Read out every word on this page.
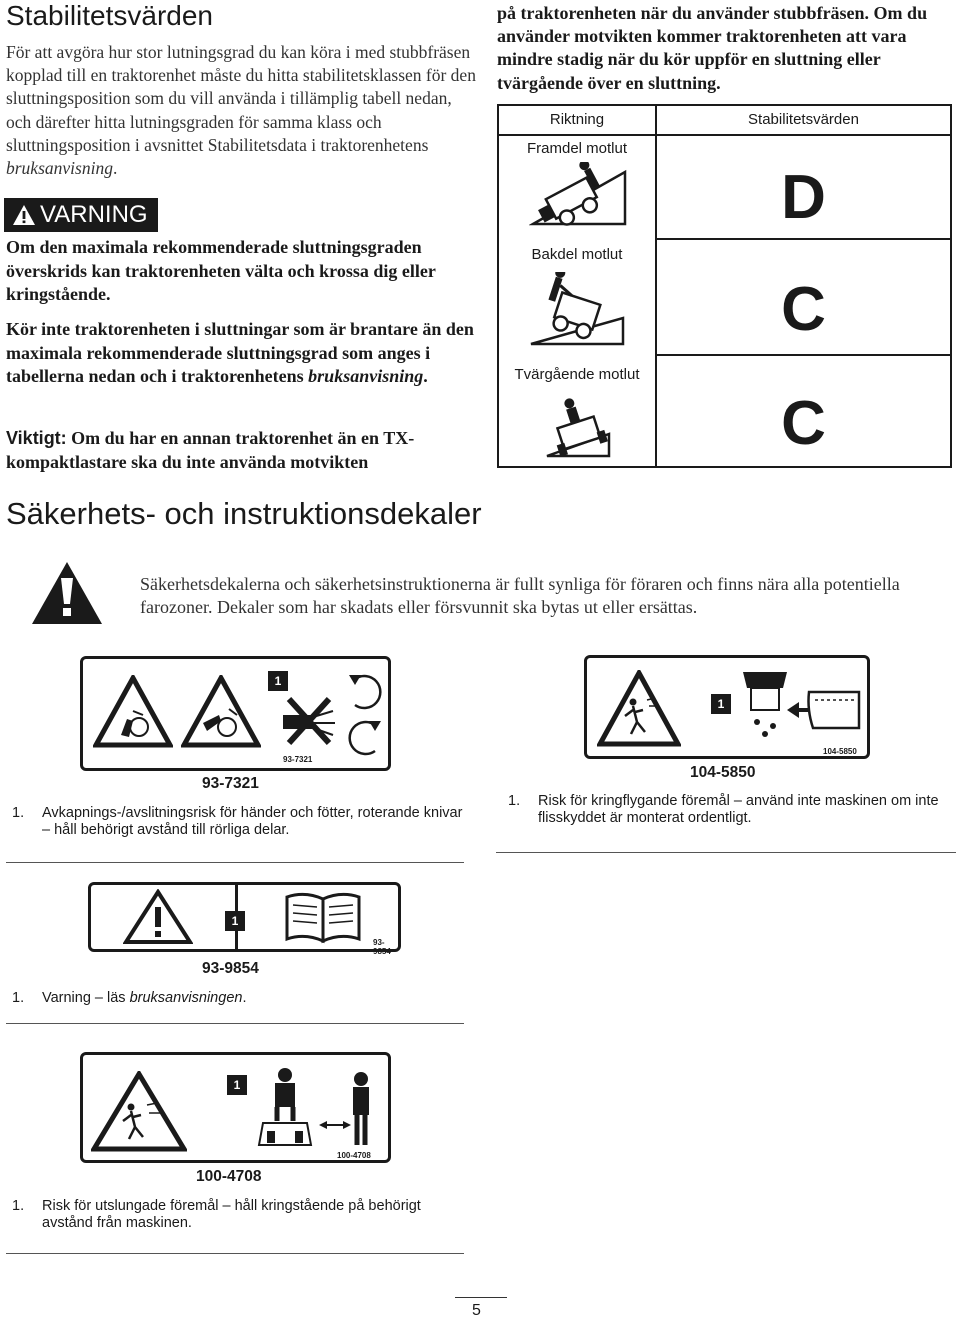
Stabilitetsvärden
För att avgöra hur stor lutningsgrad du kan köra i med stubbfräsen kopplad till en traktorenhet måste du hitta stabilitetsklassen för den sluttningsposition som du vill använda i tillämplig tabell nedan, och därefter hitta lutningsgraden för samma klass och sluttningsposition i avsnittet Stabilitetsdata i traktorenhetens bruksanvisning.
VARNING
Om den maximala rekommenderade sluttningsgraden överskrids kan traktorenheten välta och krossa dig eller kringstående.
Kör inte traktorenheten i sluttningar som är brantare än den maximala rekommenderade sluttningsgrad som anges i tabellerna nedan och i traktorenhetens bruksanvisning.
Viktigt: Om du har en annan traktorenhet än en TX-kompaktlastare ska du inte använda motvikten
på traktorenheten när du använder stubbfräsen. Om du använder motvikten kommer traktorenheten att vara mindre stadig när du kör uppför en sluttning eller tvärgående över en sluttning.
Riktning	Stabilitetsvärden
Framdel motlut
D
Bakdel motlut
C
Tvärgående motlut
C
Säkerhets- och instruktionsdekaler
Säkerhetsdekalerna och säkerhetsinstruktionerna är fullt synliga för föraren och finns nära alla potentiella farozoner. Dekaler som har skadats eller försvunnit ska bytas ut eller ersättas.
1
93-7321
93-7321
1. Avkapnings-/avslitningsrisk för händer och fötter, roterande knivar – håll behörigt avstånd till rörliga delar.
1
104-5850
104-5850
1. Risk för kringflygande föremål – använd inte maskinen om inte flisskyddet är monterat ordentligt.
1
93-9854
93-9854
1. Varning – läs bruksanvisningen.
1
100-4708
100-4708
1. Risk för utslungade föremål – håll kringstående på behörigt avstånd från maskinen.
5
